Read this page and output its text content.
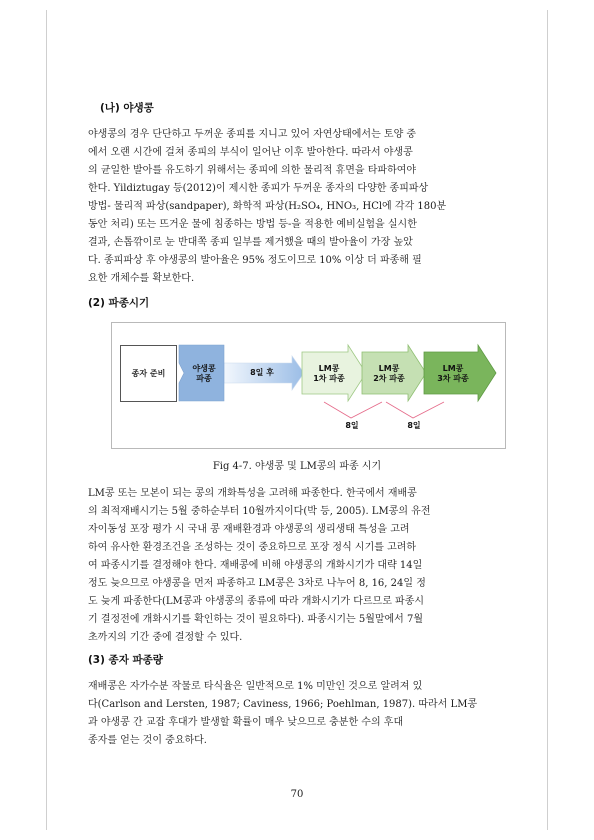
(나) 야생콩

야생콩의 경우 단단하고 두꺼운 종피를 지니고 있어 자연상태에서는 토양 중
에서 오랜 시간에 걸쳐 종피의 부식이 일어난 이후 발아한다. 따라서 야생콩
의 균일한 발아를 유도하기 위해서는 종피에 의한 물리적 휴면을 타파하여야
한다. Yildiztugay 등(2012)이 제시한 종피가 두꺼운 종자의 다양한 종피파상
방법- 물리적 파상(sandpaper), 화학적 파상(H₂SO₄, HNO₃, HCl에 각각 180분
동안 처리) 또는 뜨거운 물에 침종하는 방법 등-을 적용한 예비실험을 실시한
결과, 손톱깎이로 눈 반대쪽 종피 일부를 제거했을 때의 발아율이 가장 높았
다. 종피파상 후 야생콩의 발아율은 95% 정도이므로 10% 이상 더 파종해 필
요한 개체수를 확보한다.

(2) 파종시기

종자 준비
야생콩
파종
8일 후	LM콩
1차 파종
LM콩
2차 파종
LM콩
3차 파종
8일	8일

Fig 4-7. 야생콩 및 LM콩의 파종 시기

LM콩 또는 모본이 되는 콩의 개화특성을 고려해 파종한다. 한국에서 재배콩
의 최적재배시기는 5월 중하순부터 10월까지이다(박 등, 2005). LM콩의 유전
자이동성 포장 평가 시 국내 콩 재배환경과 야생콩의 생리생태 특성을 고려
하여 유사한 환경조건을 조성하는 것이 중요하므로 포장 정식 시기를 고려하
여 파종시기를 결정해야 한다. 재배콩에 비해 야생콩의 개화시기가 대략 14일
정도 늦으므로 야생콩을 먼저 파종하고 LM콩은 3차로 나누어 8, 16, 24일 정
도 늦게 파종한다(LM콩과 야생콩의 종류에 따라 개화시기가 다르므로 파종시
기 결정전에 개화시기를 확인하는 것이 필요하다). 파종시기는 5월말에서 7월
초까지의 기간 중에 결정할 수 있다.

(3) 종자 파종량

재배콩은 자가수분 작물로 타식율은 일반적으로 1% 미만인 것으로 알려져 있
다(Carlson and Lersten, 1987; Caviness, 1966; Poehlman, 1987). 따라서 LM콩
과 야생콩 간 교잡 후대가 발생할 확률이 매우 낮으므로 충분한 수의 후대
종자를 얻는 것이 중요하다.

70
